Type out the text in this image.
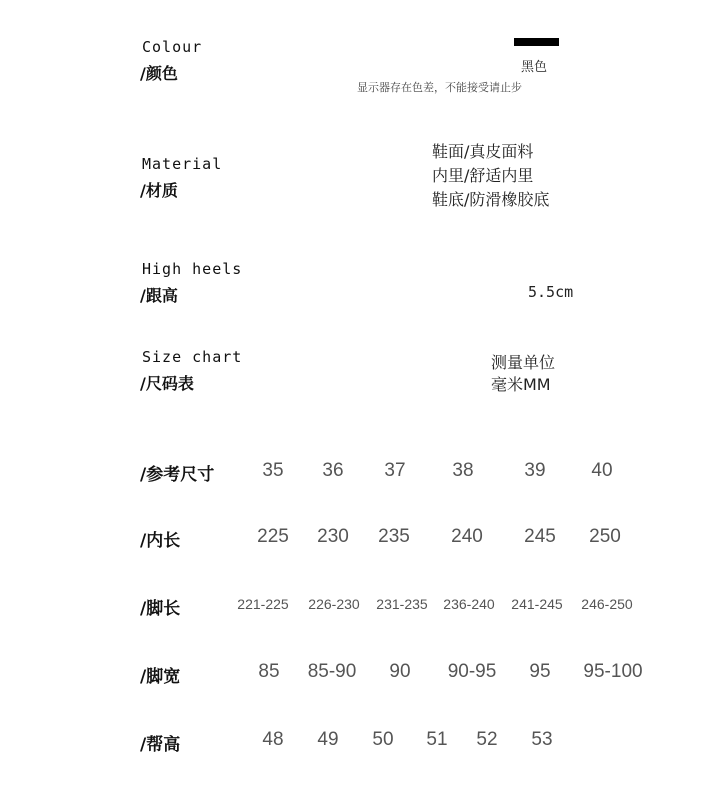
Colour
/颜色	黑色
显示器存在色差，不能接受请止步
Material
/材质
鞋面/真皮面料
内里/舒适内里
鞋底/防滑橡胶底
High heels
/跟高	5.5cm
Size chart
/尺码表
测量单位
毫米MM
/参考尺寸	35 36 37 38	39 40
/内长	225 230 235 240 245 250
/脚长	221-225 226-230 231-235 236-240 241-245 246-250
/脚宽	85 85-90 90 90-95 95 95-100
/帮高	48 49 50 51 52 53
